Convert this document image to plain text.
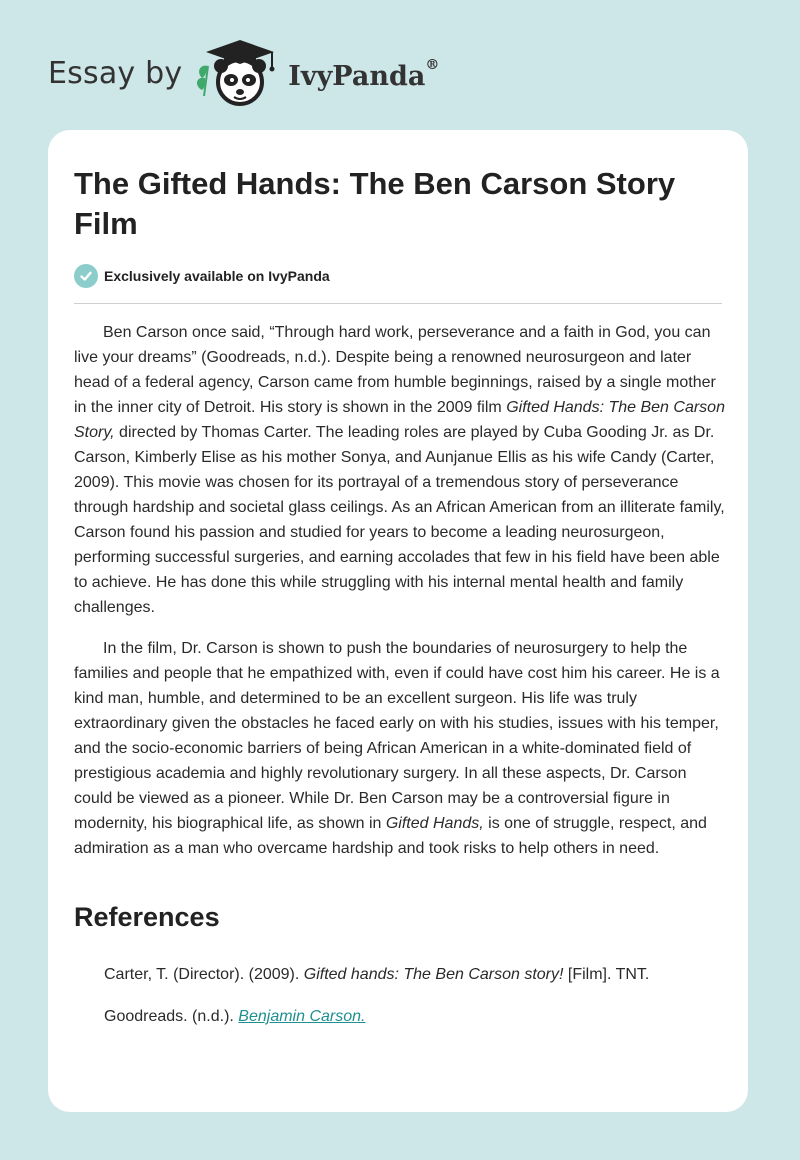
Essay by	IvyPanda®
The Gifted Hands: The Ben Carson Story Film
Exclusively available on IvyPanda

Ben Carson once said, “Through hard work, perseverance and a faith in God, you can live your dreams” (Goodreads, n.d.). Despite being a renowned neurosurgeon and later head of a federal agency, Carson came from humble beginnings, raised by a single mother in the inner city of Detroit. His story is shown in the 2009 film Gifted Hands: The Ben Carson Story, directed by Thomas Carter. The leading roles are played by Cuba Gooding Jr. as Dr. Carson, Kimberly Elise as his mother Sonya, and Aunjanue Ellis as his wife Candy (Carter, 2009). This movie was chosen for its portrayal of a tremendous story of perseverance through hardship and societal glass ceilings. As an African American from an illiterate family, Carson found his passion and studied for years to become a leading neurosurgeon, performing successful surgeries, and earning accolades that few in his field have been able to achieve. He has done this while struggling with his internal mental health and family challenges.

In the film, Dr. Carson is shown to push the boundaries of neurosurgery to help the families and people that he empathized with, even if could have cost him his career. He is a kind man, humble, and determined to be an excellent surgeon. His life was truly extraordinary given the obstacles he faced early on with his studies, issues with his temper, and the socio-economic barriers of being African American in a white-dominated field of prestigious academia and highly revolutionary surgery. In all these aspects, Dr. Carson could be viewed as a pioneer. While Dr. Ben Carson may be a controversial figure in modernity, his biographical life, as shown in Gifted Hands, is one of struggle, respect, and admiration as a man who overcame hardship and took risks to help others in need.

References
Carter, T. (Director). (2009). Gifted hands: The Ben Carson story! [Film]. TNT.
Goodreads. (n.d.). Benjamin Carson.
